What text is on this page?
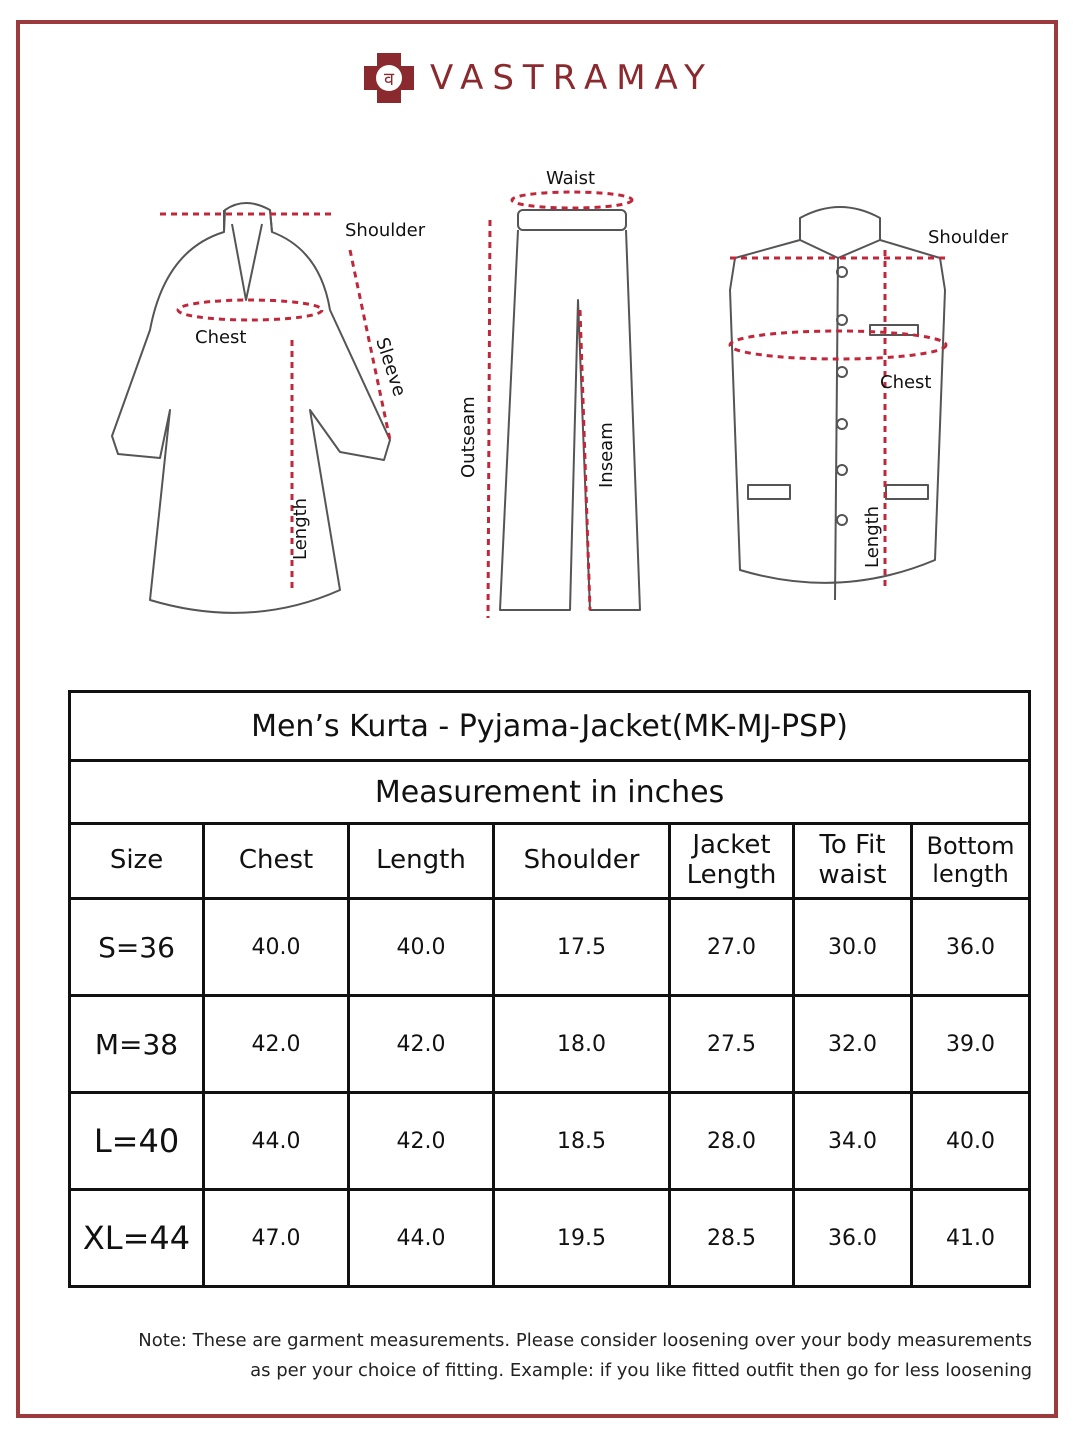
व VASTRAMAY
Shoulder
Chest	Sleeve
Length
Waist
Outseam	Inseam
Shoulder
Chest
Length
Men’s Kurta - Pyjama-Jacket(MK-MJ-PSP)						
Measurement in inches						
Size	Chest	Length	Shoulder	Jacket Length	To Fit waist	Bottom length
S=36	40.0	40.0	17.5	27.0	30.0	36.0
M=38	42.0	42.0	18.0	27.5	32.0	39.0
L=40	44.0	42.0	18.5	28.0	34.0	40.0
XL=44	47.0	44.0	19.5	28.5	36.0	41.0
Note: These are garment measurements. Please consider loosening over your body measurements
as per your choice of fitting. Example: if you like fitted outfit then go for less loosening
